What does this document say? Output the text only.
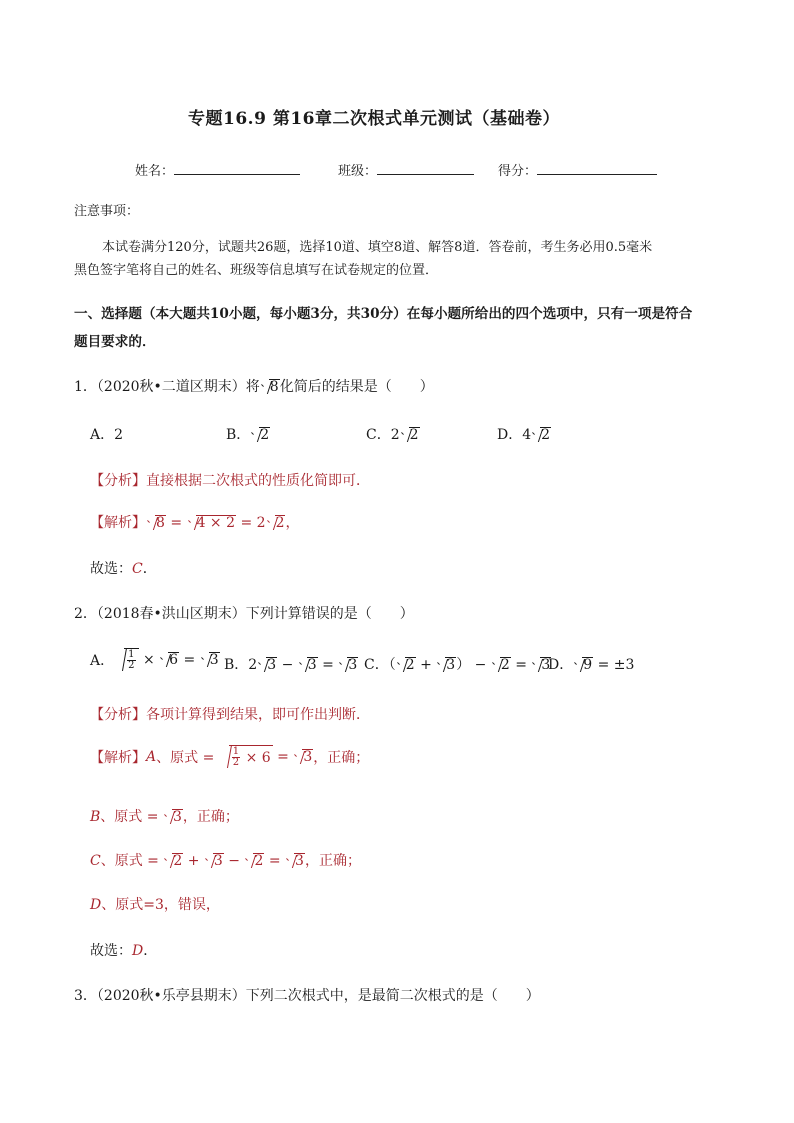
专题16.9 第16章二次根式单元测试（基础卷）
姓名：	班级：	得分：
注意事项：
本试卷满分120分，试题共26题，选择10道、填空8道、解答8道．答卷前，考生务必用0.5毫米
黑色签字笔将自己的姓名、班级等信息填写在试卷规定的位置．
一、选择题（本大题共10小题，每小题3分，共30分）在每小题所给出的四个选项中，只有一项是符合
题目要求的．
1．（2020秋•二道区期末）将 8化简后的结果是（　　）
A．2	B． 2	C．2 2	D．4 2
【分析】直接根据二次根式的性质化简即可．
【解析】 8 =
4 × 2 = 2 2，
故选：C．
2．（2018春•洪山区期末）下列计算错误的是（　　）
A． $\frac{1}{2} \times 6 = 3$ B．2 3 −
3 =
3 C．（ 2 +
3） −
2 =
3
D． 9 = ±3
【分析】各项计算得到结果，即可作出判断．
【解析】 A 、原式 = $\frac{1}{2} \times 6 = 3$ ，正确；
B、原式 =
3，正确；
C、原式 =
2 +
3 −
2 =
3，正确；
D、原式=3，错误，
故选：D．
3．（2020秋•乐亭县期末）下列二次根式中，是最简二次根式的是（　　）
